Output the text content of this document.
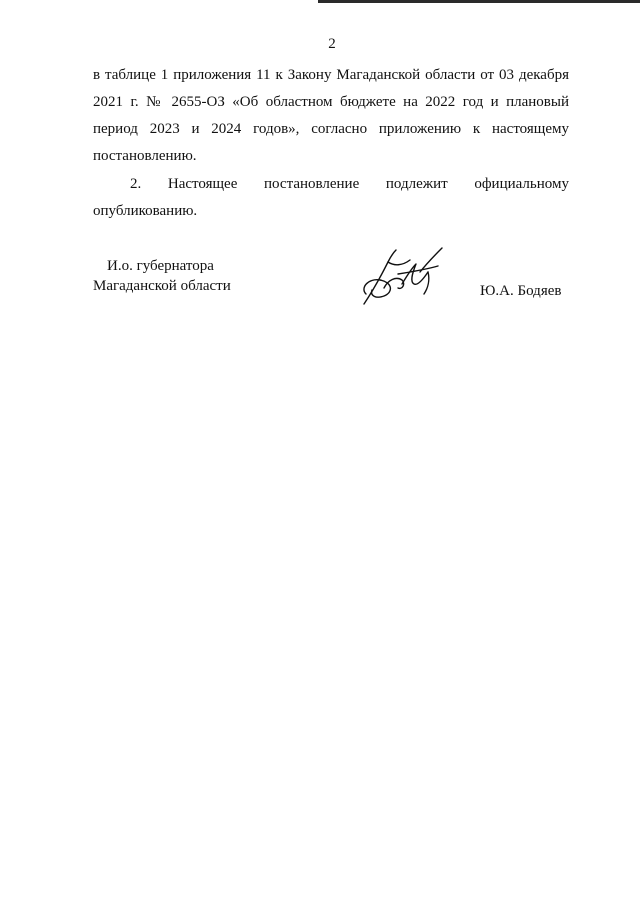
2
в таблице 1 приложения 11 к Закону Магаданской области от 03 декабря
2021 г. № 2655-ОЗ «Об областном бюджете на 2022 год и плановый
период 2023 и 2024 годов», согласно приложению к настоящему
постановлению.
2. Настоящее постановление подлежит официальному
опубликованию.
И.о. губернатора
Магаданской области	Ю.А. Бодяев
